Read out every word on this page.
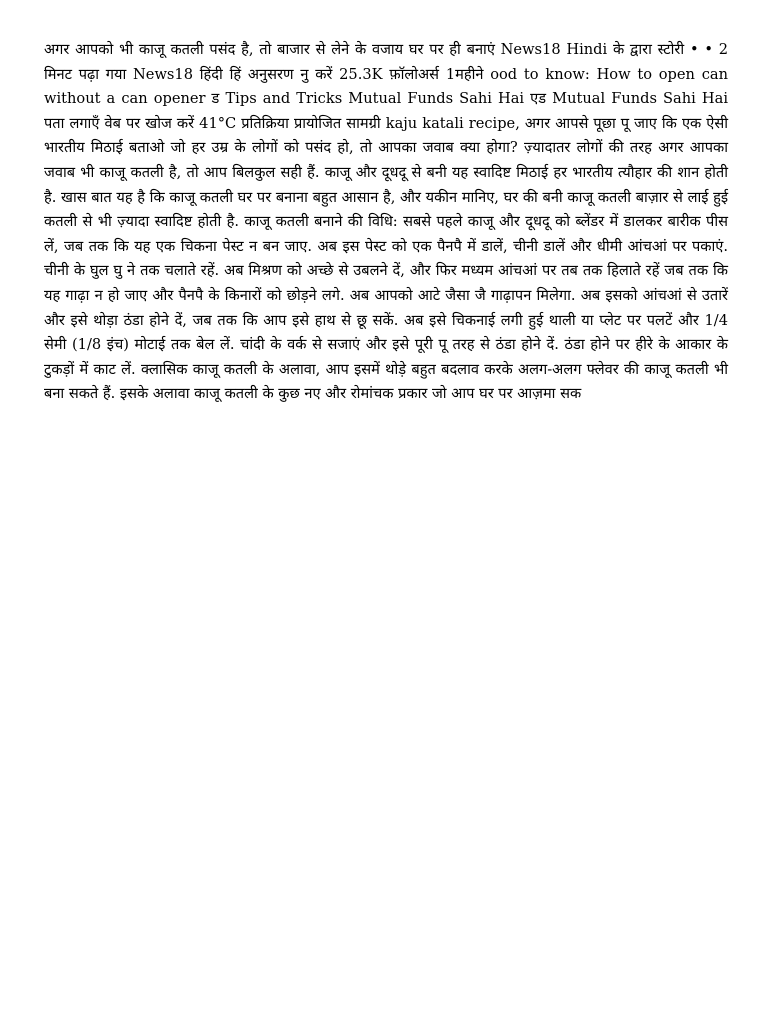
अगर आपको भी काजू कतली पसंद है, तो बाजार से लेने के वजाय घर पर ही बनाएं News18 Hindi के द्वारा स्टोरी • • 2 मिनट पढ़ा गया News18 हिंदी हिं अनुसरण नु करें 25.3K फ़ॉलोअर्स 1महीने ood to know: How to open can without a can opener ड Tips and Tricks Mutual Funds Sahi Hai एड Mutual Funds Sahi Hai पता लगाएँ वेब पर खोज करें 41°C प्रतिक्रिया प्रायोजित सामग्री kaju katali recipe, अगर आपसे पूछा पू जाए कि एक ऐसी भारतीय मिठाई बताओ जो हर उम्र के लोगों को पसंद हो, तो आपका जवाब क्या होगा? ज़्यादातर लोगों की तरह अगर आपका जवाब भी काजू कतली है, तो आप बिलकुल सही हैं. काजू और दूधदू से बनी यह स्वादिष्ट मिठाई हर भारतीय त्यौहार की शान होती है. खास बात यह है कि काजू कतली घर पर बनाना बहुत आसान है, और यकीन मानिए, घर की बनी काजू कतली बाज़ार से लाई हुई कतली से भी ज़्यादा स्वादिष्ट होती है. काजू कतली बनाने की विधि: सबसे पहले काजू और दूधदू को ब्लेंडर में डालकर बारीक पीस लें, जब तक कि यह एक चिकना पेस्ट न बन जाए. अब इस पेस्ट को एक पैनपै में डालें, चीनी डालें और धीमी आंचआं पर पकाएं. चीनी के घुल घु ने तक चलाते रहें. अब मिश्रण को अच्छे से उबलने दें, और फिर मध्यम आंचआं पर तब तक हिलाते रहें जब तक कि यह गाढ़ा न हो जाए और पैनपै के किनारों को छोड़ने लगे. अब आपको आटे जैसा जै गाढ़ापन मिलेगा. अब इसको आंचआं से उतारें और इसे थोड़ा ठंडा होने दें, जब तक कि आप इसे हाथ से छू सकें. अब इसे चिकनाई लगी हुई थाली या प्लेट पर पलटें और 1/4 सेमी (1/8 इंच) मोटाई तक बेल लें. चांदी के वर्क से सजाएं और इसे पूरी पू तरह से ठंडा होने दें. ठंडा होने पर हीरे के आकार के टुकड़ों में काट लें. क्लासिक काजू कतली के अलावा, आप इसमें थोड़े बहुत बदलाव करके अलग-अलग फ्लेवर की काजू कतली भी बना सकते हैं. इसके अलावा काजू कतली के कुछ नए और रोमांचक प्रकार जो आप घर पर आज़मा सक
